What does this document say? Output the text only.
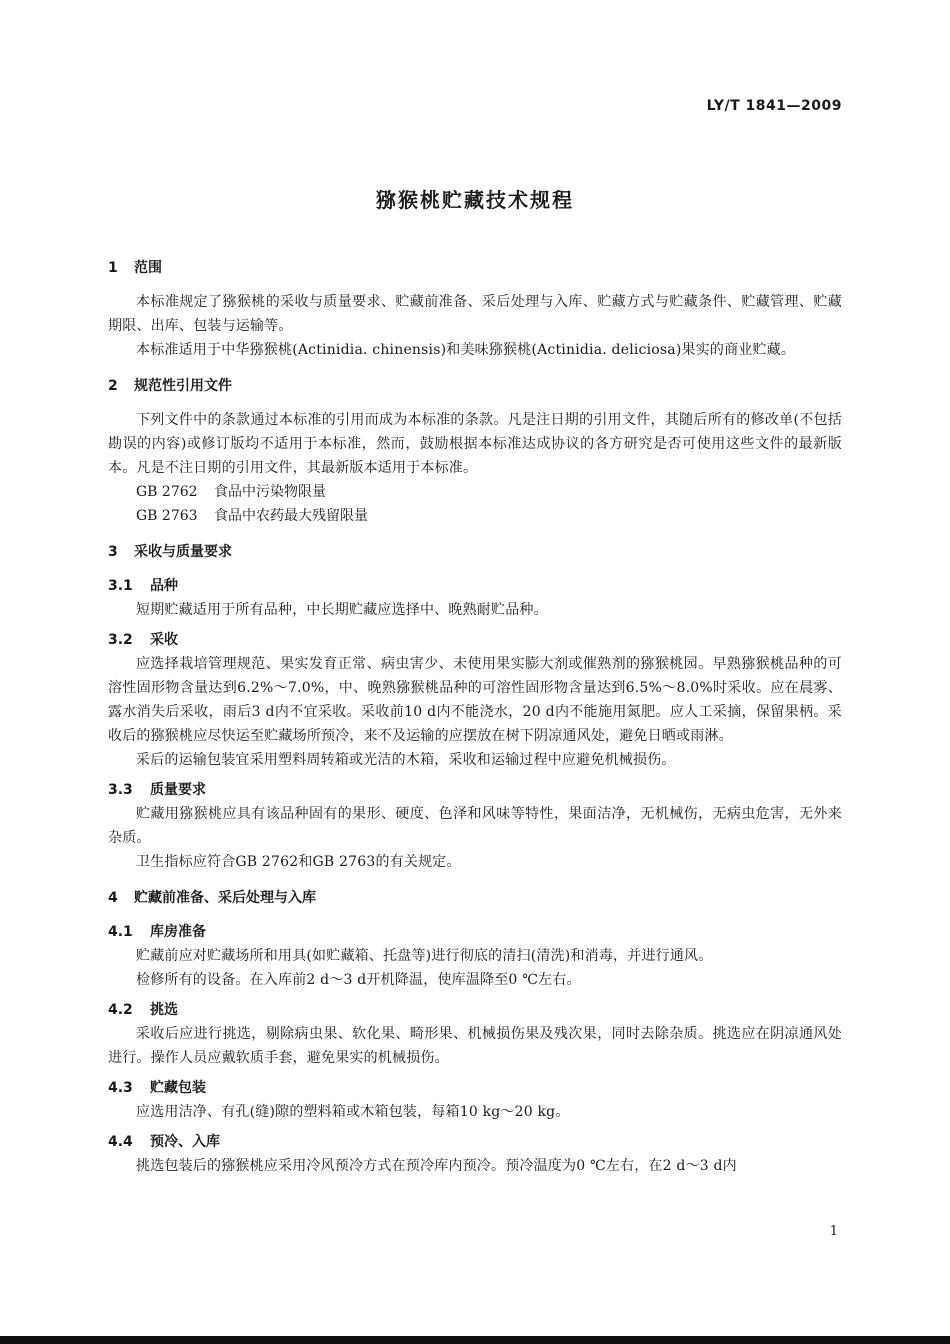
LY/T 1841—2009
猕猴桃贮藏技术规程
1 范围

本标准规定了猕猴桃的采收与质量要求、贮藏前准备、采后处理与入库、贮藏方式与贮藏条件、贮藏管理、贮藏期限、出库、包装与运输等。

本标准适用于中华猕猴桃(Actinidia. chinensis)和美味猕猴桃(Actinidia. deliciosa)果实的商业贮藏。

2 规范性引用文件

下列文件中的条款通过本标准的引用而成为本标准的条款。凡是注日期的引用文件，其随后所有的修改单(不包括勘误的内容)或修订版均不适用于本标准，然而，鼓励根据本标准达成协议的各方研究是否可使用这些文件的最新版本。凡是不注日期的引用文件，其最新版本适用于本标准。

GB 2762 食品中污染物限量
GB 2763 食品中农药最大残留限量
3 采收与质量要求
3.1 品种

短期贮藏适用于所有品种，中长期贮藏应选择中、晚熟耐贮品种。

3.2 采收

应选择栽培管理规范、果实发育正常、病虫害少、未使用果实膨大剂或催熟剂的猕猴桃园。早熟猕猴桃品种的可溶性固形物含量达到6.2%～7.0%，中、晚熟猕猴桃品种的可溶性固形物含量达到6.5%～8.0%时采收。应在晨雾、露水消失后采收，雨后3 d内不宜采收。采收前10 d内不能浇水，20 d内不能施用氮肥。应人工采摘，保留果柄。采收后的猕猴桃应尽快运至贮藏场所预冷，来不及运输的应摆放在树下阴凉通风处，避免日晒或雨淋。

采后的运输包装宜采用塑料周转箱或光洁的木箱，采收和运输过程中应避免机械损伤。

3.3 质量要求

贮藏用猕猴桃应具有该品种固有的果形、硬度、色泽和风味等特性，果面洁净，无机械伤，无病虫危害，无外来杂质。

卫生指标应符合GB 2762和GB 2763的有关规定。

4 贮藏前准备、采后处理与入库
4.1 库房准备

贮藏前应对贮藏场所和用具(如贮藏箱、托盘等)进行彻底的清扫(清洗)和消毒，并进行通风。

检修所有的设备。在入库前2 d～3 d开机降温，使库温降至0 ℃左右。

4.2 挑选

采收后应进行挑选，剔除病虫果、软化果、畸形果、机械损伤果及残次果，同时去除杂质。挑选应在阴凉通风处进行。操作人员应戴软质手套，避免果实的机械损伤。

4.3 贮藏包装

应选用洁净、有孔(缝)隙的塑料箱或木箱包装，每箱10 kg～20 kg。

4.4 预冷、入库

挑选包装后的猕猴桃应采用冷风预冷方式在预冷库内预冷。预冷温度为0 ℃左右，在2 d～3 d内

1
